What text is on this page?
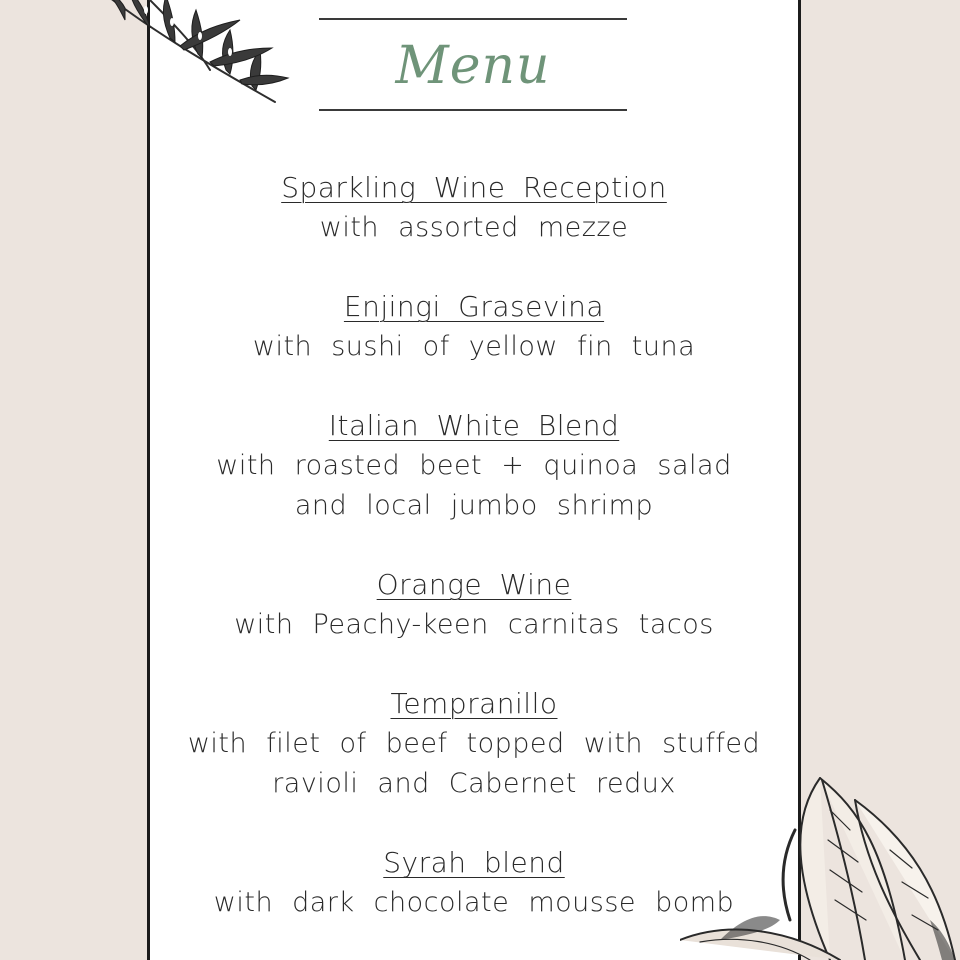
Menu
Sparkling Wine Reception
with assorted mezze
Enjingi Grasevina
with sushi of yellow fin tuna
Italian White Blend
with roasted beet + quinoa salad
and local jumbo shrimp
Orange Wine
with Peachy-keen carnitas tacos
Tempranillo
with filet of beef topped with stuffed
ravioli and Cabernet redux
Syrah blend
with dark chocolate mousse bomb
